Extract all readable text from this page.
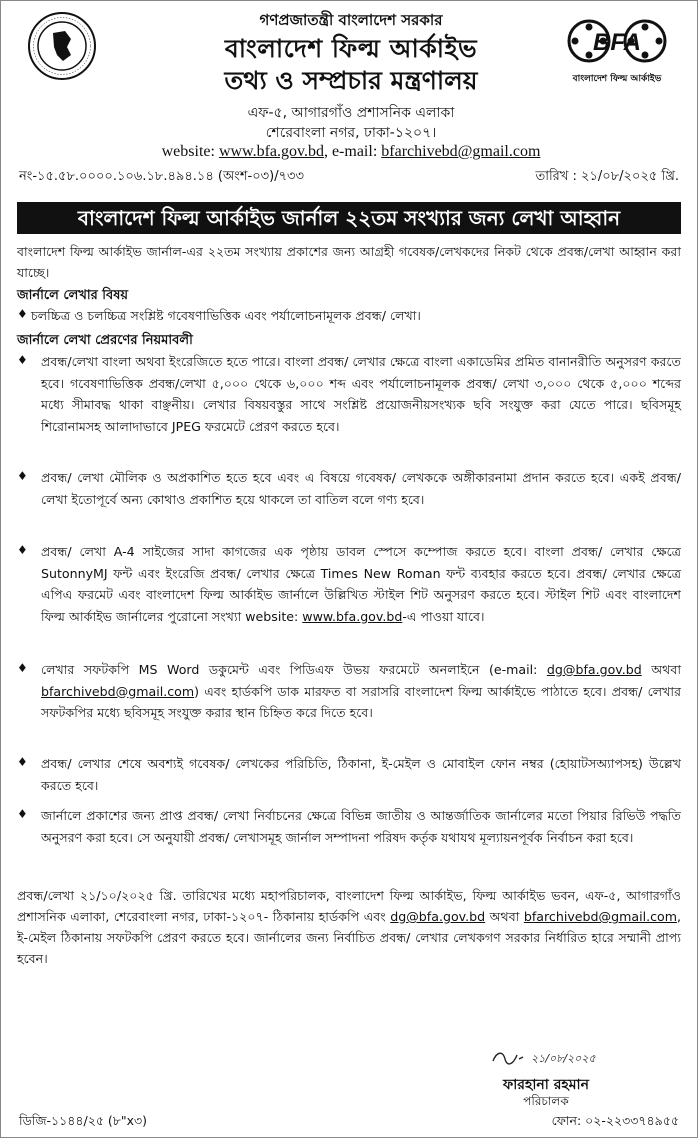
BFA
বাংলাদেশ ফিল্ম আর্কাইভ
গণপ্রজাতন্ত্রী বাংলাদেশ সরকার
বাংলাদেশ ফিল্ম আর্কাইভ
তথ্য ও সম্প্রচার মন্ত্রণালয়
এফ-৫, আগারগাঁও প্রশাসনিক এলাকা
শেরেবাংলা নগর, ঢাকা-১২০৭।
website: www.bfa.gov.bd, e-mail: bfarchivebd@gmail.com
নং-১৫.৫৮.০০০০.১০৬.১৮.৪৯৪.১৪ (অংশ-০৩)/৭৩৩	তারিখ : ২১/০৮/২০২৫ খ্রি.
বাংলাদেশ ফিল্ম আর্কাইভ জার্নাল ২২তম সংখ্যার জন্য লেখা আহ্বান
বাংলাদেশ ফিল্ম আর্কাইভ জার্নাল-এর ২২তম সংখ্যায় প্রকাশের জন্য আগ্রহী গবেষক/লেখকদের নিকট থেকে প্রবন্ধ/লেখা আহ্বান করা যাচ্ছে।
জার্নালে লেখার বিষয়
♦ চলচ্চিত্র ও চলচ্চিত্র সংশ্লিষ্ট গবেষণাভিত্তিক এবং পর্যালোচনামূলক প্রবন্ধ/ লেখা।
জার্নালে লেখা প্রেরণের নিয়মাবলী
♦ প্রবন্ধ/লেখা বাংলা অথবা ইংরেজিতে হতে পারে। বাংলা প্রবন্ধ/ লেখার ক্ষেত্রে বাংলা একাডেমির প্রমিত বানানরীতি অনুসরণ করতে হবে। গবেষণাভিত্তিক প্রবন্ধ/লেখা ৫,০০০ থেকে ৬,০০০ শব্দ এবং পর্যালোচনামূলক প্রবন্ধ/ লেখা ৩,০০০ থেকে ৫,০০০ শব্দের মধ্যে সীমাবদ্ধ থাকা বাঞ্ছনীয়। লেখার বিষয়বস্তুর সাথে সংশ্লিষ্ট প্রয়োজনীয়সংখ্যক ছবি সংযুক্ত করা যেতে পারে। ছবিসমূহ শিরোনামসহ আলাদাভাবে JPEG ফরমেটে প্রেরণ করতে হবে।
♦ প্রবন্ধ/ লেখা মৌলিক ও অপ্রকাশিত হতে হবে এবং এ বিষয়ে গবেষক/ লেখককে অঙ্গীকারনামা প্রদান করতে হবে। একই প্রবন্ধ/ লেখা ইতোপূর্বে অন্য কোথাও প্রকাশিত হয়ে থাকলে তা বাতিল বলে গণ্য হবে।
♦ প্রবন্ধ/ লেখা A-4 সাইজের সাদা কাগজের এক পৃষ্ঠায় ডাবল স্পেসে কম্পোজ করতে হবে। বাংলা প্রবন্ধ/ লেখার ক্ষেত্রে SutonnyMJ ফন্ট এবং ইংরেজি প্রবন্ধ/ লেখার ক্ষেত্রে Times New Roman ফন্ট ব্যবহার করতে হবে। প্রবন্ধ/ লেখার ক্ষেত্রে এপিএ ফরমেট এবং বাংলাদেশ ফিল্ম আর্কাইভ জার্নালে উল্লিখিত স্টাইল শিট অনুসরণ করতে হবে। স্টাইল শিট এবং বাংলাদেশ ফিল্ম আর্কাইভ জার্নালের পুরোনো সংখ্যা website: www.bfa.gov.bd-এ পাওয়া যাবে।
♦ লেখার সফটকপি MS Word ডকুমেন্ট এবং পিডিএফ উভয় ফরমেটে অনলাইনে (e-mail: dg@bfa.gov.bd অথবা bfarchivebd@gmail.com) এবং হার্ডকপি ডাক মারফত বা সরাসরি বাংলাদেশ ফিল্ম আর্কাইভে পাঠাতে হবে। প্রবন্ধ/ লেখার সফটকপির মধ্যে ছবিসমূহ সংযুক্ত করার স্থান চিহ্নিত করে দিতে হবে।
♦ প্রবন্ধ/ লেখার শেষে অবশ্যই গবেষক/ লেখকের পরিচিতি, ঠিকানা, ই-মেইল ও মোবাইল ফোন নম্বর (হোয়াটসঅ্যাপসহ) উল্লেখ করতে হবে।
♦ জার্নালে প্রকাশের জন্য প্রাপ্ত প্রবন্ধ/ লেখা নির্বাচনের ক্ষেত্রে বিভিন্ন জাতীয় ও আন্তর্জাতিক জার্নালের মতো পিয়ার রিভিউ পদ্ধতি অনুসরণ করা হবে। সে অনুযায়ী প্রবন্ধ/ লেখাসমূহ জার্নাল সম্পাদনা পরিষদ কর্তৃক যথাযথ মূল্যায়নপূর্বক নির্বাচন করা হবে।
প্রবন্ধ/লেখা ২১/১০/২০২৫ খ্রি. তারিখের মধ্যে মহাপরিচালক, বাংলাদেশ ফিল্ম আর্কাইভ, ফিল্ম আর্কাইভ ভবন, এফ-৫, আগারগাঁও প্রশাসনিক এলাকা, শেরেবাংলা নগর, ঢাকা-১২০৭- ঠিকানায় হার্ডকপি এবং dg@bfa.gov.bd অথবা bfarchivebd@gmail.com, ই-মেইল ঠিকানায় সফটকপি প্রেরণ করতে হবে। জার্নালের জন্য নির্বাচিত প্রবন্ধ/ লেখার লেখকগণ সরকার নির্ধারিত হারে সম্মানী প্রাপ্য হবেন।
২১/০৮/২০২৫
ফারহানা রহমান
পরিচালক
ডিজি-১১৪৪/২৫ (৮"x৩)	ফোন: ০২-২২৩৩৭৪৯৫৫
